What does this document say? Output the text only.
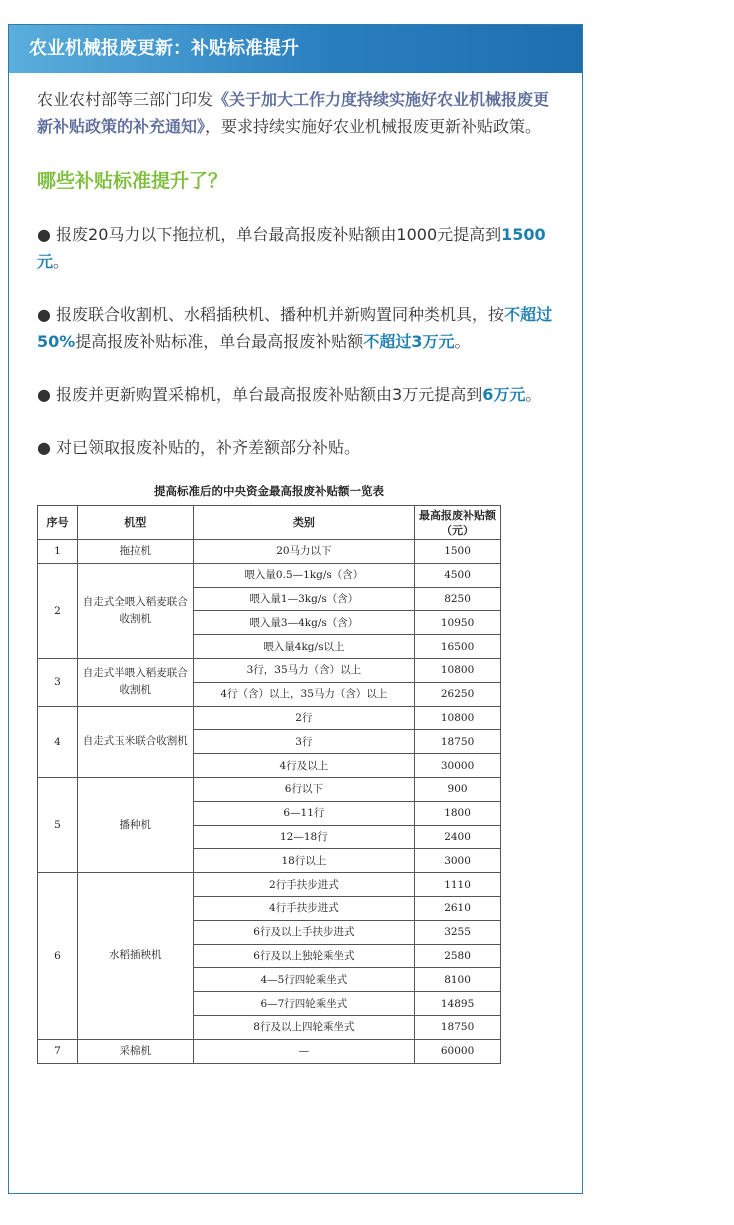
农业机械报废更新：补贴标准提升

农业农村部等三部门印发《关于加大工作力度持续实施好农业机械报废更新补贴政策的补充通知》，要求持续实施好农业机械报废更新补贴政策。

哪些补贴标准提升了？

● 报废20马力以下拖拉机，单台最高报废补贴额由1000元提高到1500元。

● 报废联合收割机、水稻插秧机、播种机并新购置同种类机具，按不超过50%提高报废补贴标准，单台最高报废补贴额不超过3万元。

● 报废并更新购置采棉机，单台最高报废补贴额由3万元提高到6万元。

● 对已领取报废补贴的，补齐差额部分补贴。

提高标准后的中央资金最高报废补贴额一览表
序号	机型	类别	最高报废补贴额（元）
1	拖拉机	20马力以下	1500
2	自走式全喂入稻麦联合收割机	喂入量0.5—1kg/s（含）	4500
		喂入量1—3kg/s（含）	8250
		喂入量3—4kg/s（含）	10950
		喂入量4kg/s以上	16500
3	自走式半喂入稻麦联合收割机	3行，35马力（含）以上	10800
		4行（含）以上，35马力（含）以上	26250
4	自走式玉米联合收割机	2行	10800
		3行	18750
		4行及以上	30000
5	播种机	6行以下	900
		6—11行	1800
		12—18行	2400
		18行以上	3000
6	水稻插秧机	2行手扶步进式	1110
		4行手扶步进式	2610
		6行及以上手扶步进式	3255
		6行及以上独轮乘坐式	2580
		4—5行四轮乘坐式	8100
		6—7行四轮乘坐式	14895
		8行及以上四轮乘坐式	18750
7	采棉机	—	60000
